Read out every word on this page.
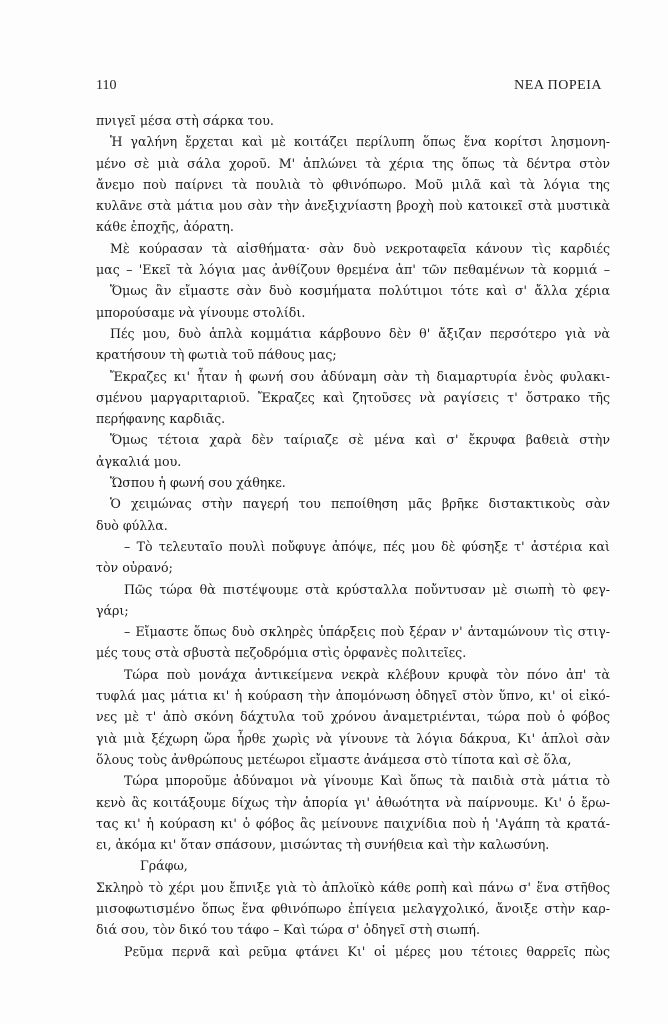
110	ΝΕΑ ΠΟΡΕΙΑ
πνιγεῖ μέσα στὴ σάρκα του.
Ἡ γαλήνη ἔρχεται καὶ μὲ κοιτάζει περίλυπη ὅπως ἕνα κορίτσι λησμονη-
μένο σὲ μιὰ σάλα χοροῦ. Μ' ἁπλώνει τὰ χέρια της ὅπως τὰ δέντρα στὸν
ἄνεμο ποὺ παίρνει τὰ πουλιὰ τὸ φθινόπωρο. Μοῦ μιλᾶ καὶ τὰ λόγια της
κυλᾶνε στὰ μάτια μου σὰν τὴν ἀνεξιχνίαστη βροχὴ ποὺ κατοικεῖ στὰ μυστικὰ
κάθε ἐποχῆς, ἀόρατη.
Μὲ κούρασαν τὰ αἰσθήματα· σὰν δυὸ νεκροταφεῖα κάνουν τὶς καρδιές
μας – 'Εκεῖ τὰ λόγια μας ἀνθίζουν θρεμένα ἀπ' τῶν πεθαμένων τὰ κορμιά –
Ὅμως ἂν εἴμαστε σὰν δυὸ κοσμήματα πολύτιμοι τότε καὶ σ' ἄλλα χέρια
μπορούσαμε νὰ γίνουμε στολίδι.
Πές μου, δυὸ ἁπλὰ κομμάτια κάρβουνο δὲν θ' ἄξιζαν περσότερο γιὰ νὰ
κρατήσουν τὴ φωτιὰ τοῦ πάθους μας;
Ἔκραζες κι' ἦταν ἡ φωνή σου ἀδύναμη σὰν τὴ διαμαρτυρία ἑνὸς φυλακι-
σμένου μαργαριταριοῦ. Ἔκραζες καὶ ζητοῦσες νὰ ραγίσεις τ' ὄστρακο τῆς
περήφανης καρδιᾶς.
Ὅμως τέτοια χαρὰ δὲν ταίριαζε σὲ μένα καὶ σ' ἔκρυφα βαθειὰ στὴν
ἀγκαλιά μου.
Ὥσπου ἡ φωνή σου χάθηκε.
Ὁ χειμώνας στὴν παγερή του πεποίθηση μᾶς βρῆκε διστακτικοὺς σὰν
δυὸ φύλλα.
– Τὸ τελευταῖο πουλὶ ποὔφυγε ἀπόψε, πές μου δὲ φύσηξε τ' ἀστέρια καὶ
τὸν οὐρανό;
Πῶς τώρα θὰ πιστέψουμε στὰ κρύσταλλα ποὔντυσαν μὲ σιωπὴ τὸ φεγ-
γάρι;
– Εἴμαστε ὅπως δυὸ σκληρὲς ὑπάρξεις ποὺ ξέραν ν' ἀνταμώνουν τὶς στιγ-
μές τους στὰ σβυστὰ πεζοδρόμια στὶς ὀρφανὲς πολιτεῖες.
Τώρα ποὺ μονάχα ἀντικείμενα νεκρὰ κλέβουν κρυφὰ τὸν πόνο ἀπ' τὰ
τυφλά μας μάτια κι' ἡ κούραση τὴν ἀπομόνωση ὁδηγεῖ στὸν ὕπνο, κι' οἱ εἰκό-
νες μὲ τ' ἀπὸ σκόνη δάχτυλα τοῦ χρόνου ἀναμετριένται, τώρα ποὺ ὁ φόβος
γιὰ μιὰ ξέχωρη ὥρα ἦρθε χωρὶς νὰ γίνουνε τὰ λόγια δάκρυα, Κι' ἁπλοὶ σὰν
ὅλους τοὺς ἀνθρώπους μετέωροι εἴμαστε ἀνάμεσα στὸ τίποτα καὶ σὲ ὅλα,
Τώρα μποροῦμε ἀδύναμοι νὰ γίνουμε Καὶ ὅπως τὰ παιδιὰ στὰ μάτια τὸ
κενὸ ἂς κοιτάξουμε δίχως τὴν ἀπορία γι' ἀθωότητα νὰ παίρνουμε. Κι' ὁ ἔρω-
τας κι' ἡ κούραση κι' ὁ φόβος ἂς μείνουνε παιχνίδια ποὺ ἡ 'Αγάπη τὰ κρατά-
ει, ἀκόμα κι' ὅταν σπάσουν, μισώντας τὴ συνήθεια καὶ τὴν καλωσύνη.
Γράφω,
Σκληρὸ τὸ χέρι μου ἔπνιξε γιὰ τὸ ἁπλοϊκὸ κάθε ροπὴ καὶ πάνω σ' ἕνα στῆθος
μισοφωτισμένο ὅπως ἕνα φθινόπωρο ἐπίγεια μελαγχολικό, ἄνοιξε στὴν καρ-
διά σου, τὸν δικό του τάφο – Καὶ τώρα σ' ὁδηγεῖ στὴ σιωπή.
Ρεῦμα περνᾶ καὶ ρεῦμα φτάνει Κι' οἱ μέρες μου τέτοιες θαρρεῖς πὼς
